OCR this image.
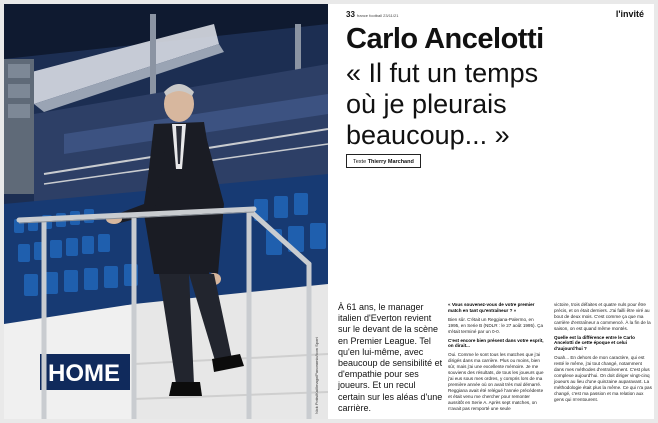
HOME	Nick Potts/Kai/Imago/Panoramic/Icon Sport
33 france football 23/11/21	l'invité
Carlo Ancelotti
« Il fut un temps
où je pleurais
beaucoup... »
Texte Thierry Marchand
À 61 ans, le manager italien d'Everton revient sur le devant de la scène en Premier League. Tel qu'en lui-même, avec beaucoup de sensibilité et d'empathie pour ses joueurs. Et un recul certain sur les aléas d'une carrière.

« Vous souvenez-vous de votre premier match en tant qu'entraîneur ? »

Bien sûr. C'était un Reggiana-Palermo, en 1995, en Serie B (NDLR : le 27 août 1995). Ça s'était terminé par un 0-0.

C'est encore bien présent dans votre esprit, on dirait...

Oui. Comme le sont tous les matches que j'ai dirigés dans ma carrière. Plus ou moins, bien sûr, mais j'ai une excellente mémoire. Je me souviens des résultats, de tous les joueurs que j'ai eus sous mes ordres, y compris lors de ma première année où on avait très mal démarré. Reggiana avait été relégué l'année précédente et était venu me chercher pour remonter aussitôt en Serie A. Après sept matches, on n'avait pas remporté une seule

victoire, trois défaites et quatre nuls pour être précis, et on était derniers. J'ai failli être viré au bout de deux mois. C'est comme ça que ma carrière d'entraîneur a commencé. À la fin de la saison, on est quand même montés.

Quelle est la différence entre le Carlo Ancelotti de cette époque et celui d'aujourd'hui ?

Ouah... En dehors de mon caractère, qui est resté le même, j'ai tout changé, notamment dans mes méthodes d'entraînement. C'est plus complexe aujourd'hui. On doit diriger vingt-cinq joueurs au lieu d'une quinzaine auparavant. La méthodologie était plus la même. Ce qui n'a pas changé, c'est ma passion et ma relation aux gens qui m'entourent.
